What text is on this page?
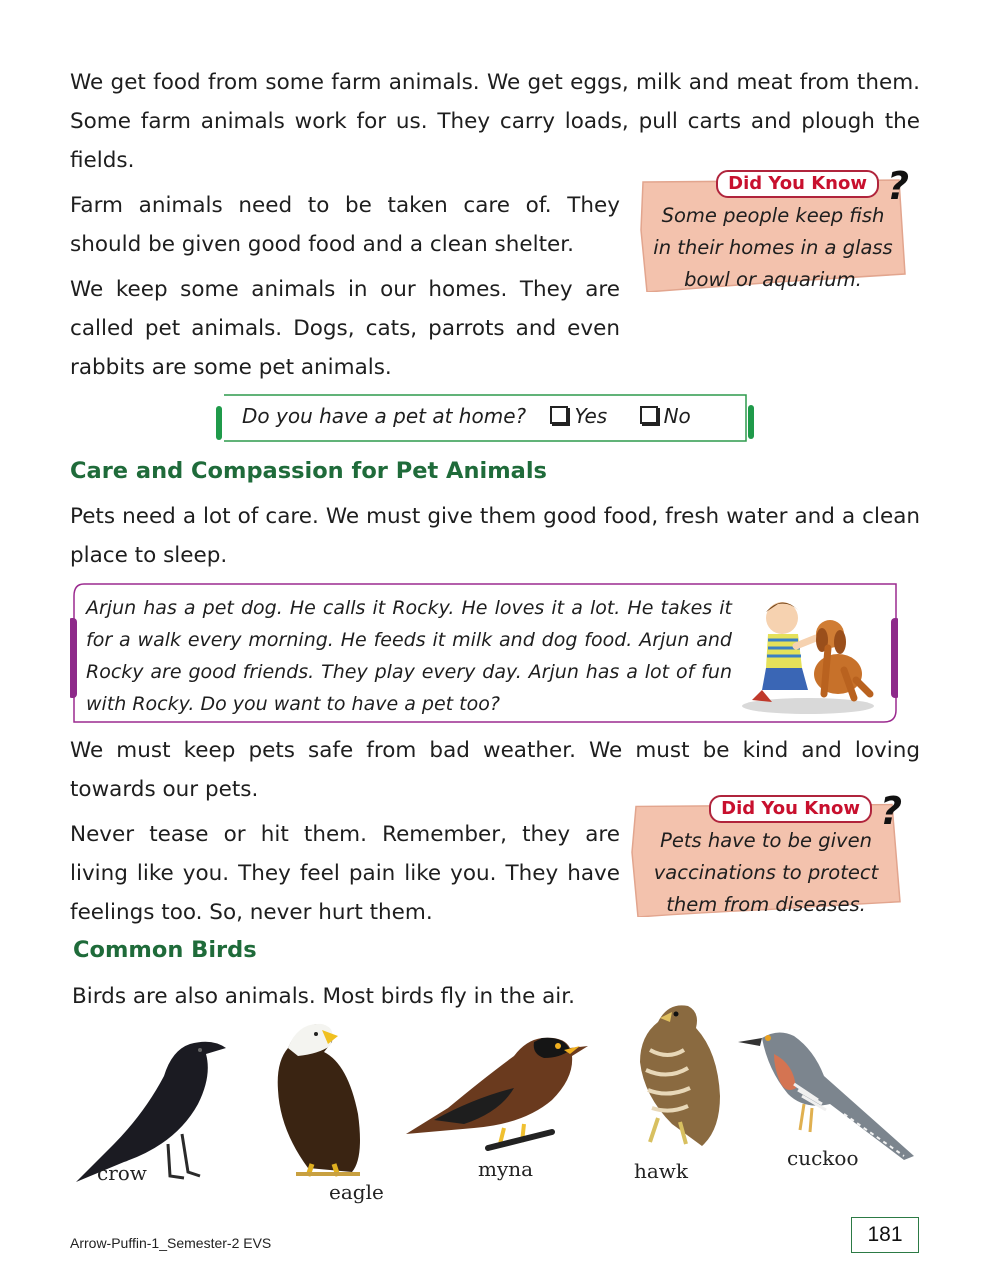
We get food from some farm animals. We get eggs, milk and meat from them. Some farm animals work for us. They carry loads, pull carts and plough the fields.

Did You Know ?
Some people keep fish in their homes in a glass bowl or aquarium.

Farm animals need to be taken care of. They should be given good food and a clean shelter.

We keep some animals in our homes. They are called pet animals. Dogs, cats, parrots and even rabbits are some pet animals.

Do you have a pet at home? Yes	No
Care and Compassion for Pet Animals

Pets need a lot of care. We must give them good food, fresh water and a clean place to sleep.

Arjun has a pet dog. He calls it Rocky. He loves it a lot. He takes it for a walk every morning. He feeds it milk and dog food. Arjun and Rocky are good friends. They play every day. Arjun has a lot of fun with Rocky. Do you want to have a pet too?

We must keep pets safe from bad weather. We must be kind and loving towards our pets.

Did You Know ?
Pets have to be given vaccinations to protect them from diseases.

Never tease or hit them. Remember, they are living like you. They feel pain like you. They have feelings too. So, never hurt them.

Common Birds

Birds are also animals. Most birds fly in the air.

crow
eagle
myna	hawk
cuckoo
Arrow-Puffin-1_Semester-2 EVS	181
